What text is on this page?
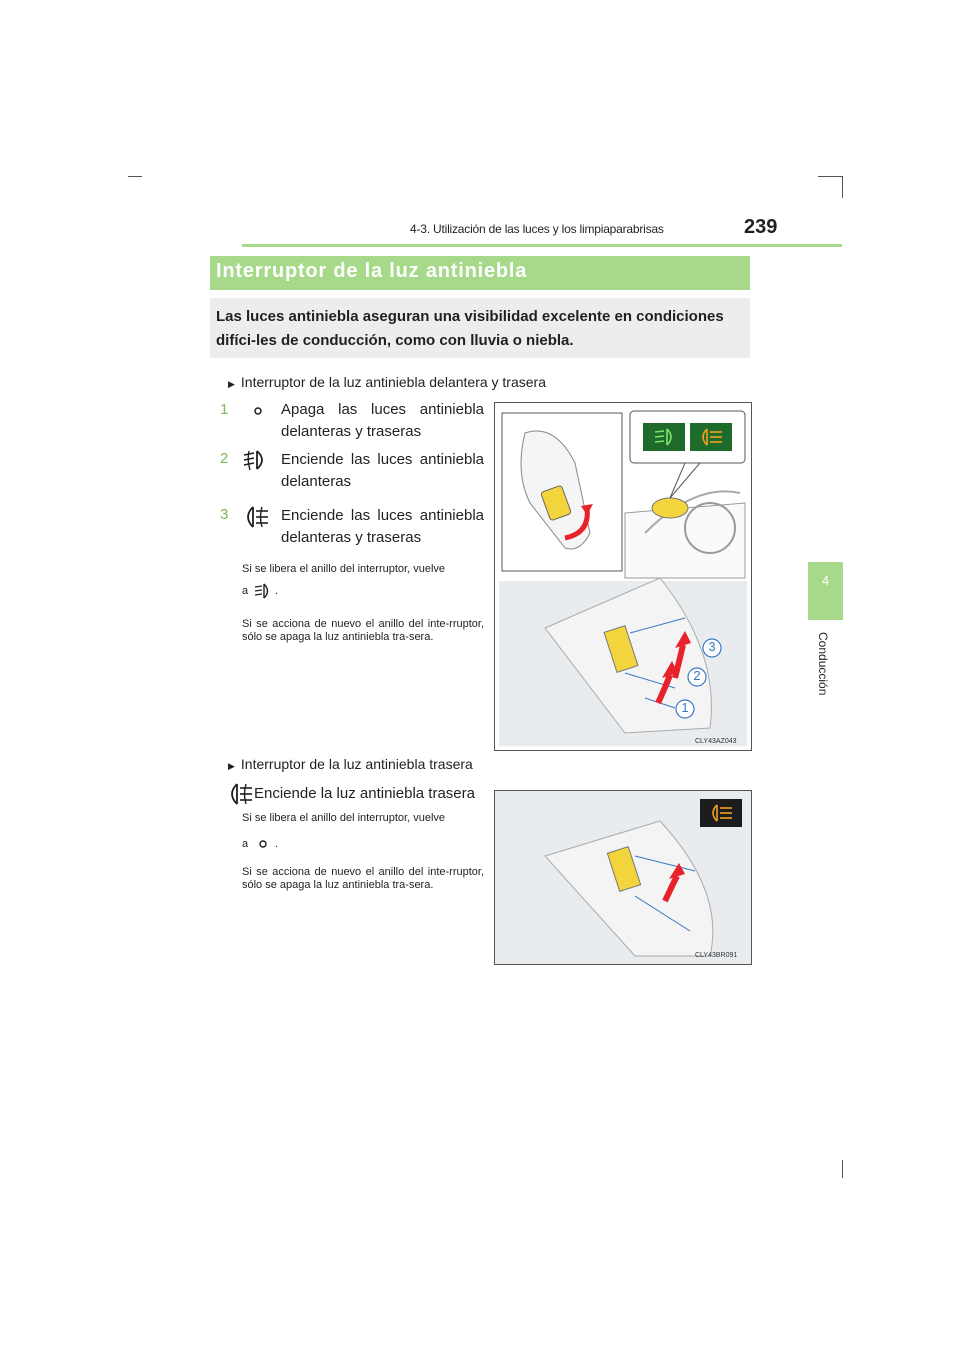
4-3. Utilización de las luces y los limpiaparabrisas	239
4
Conducción
Interruptor de la luz antiniebla
Las luces antiniebla aseguran una visibilidad excelente en condiciones difíci-les de conducción, como con lluvia o niebla.
▶ Interruptor de la luz antiniebla delantera y trasera
1	Apaga las luces antiniebla delanteras y traseras
2	Enciende las luces antiniebla delanteras
3	Enciende las luces antiniebla delanteras y traseras
Si se libera el anillo del interruptor, vuelve
a .
Si se acciona de nuevo el anillo del inte-rruptor, sólo se apaga la luz antiniebla tra-sera.
3
2
1
CLY43AZ043
▶ Interruptor de la luz antiniebla trasera
Enciende la luz antiniebla trasera
Si se libera el anillo del interruptor, vuelve
a .
Si se acciona de nuevo el anillo del inte-rruptor, sólo se apaga la luz antiniebla tra-sera.
CLY43BR091
